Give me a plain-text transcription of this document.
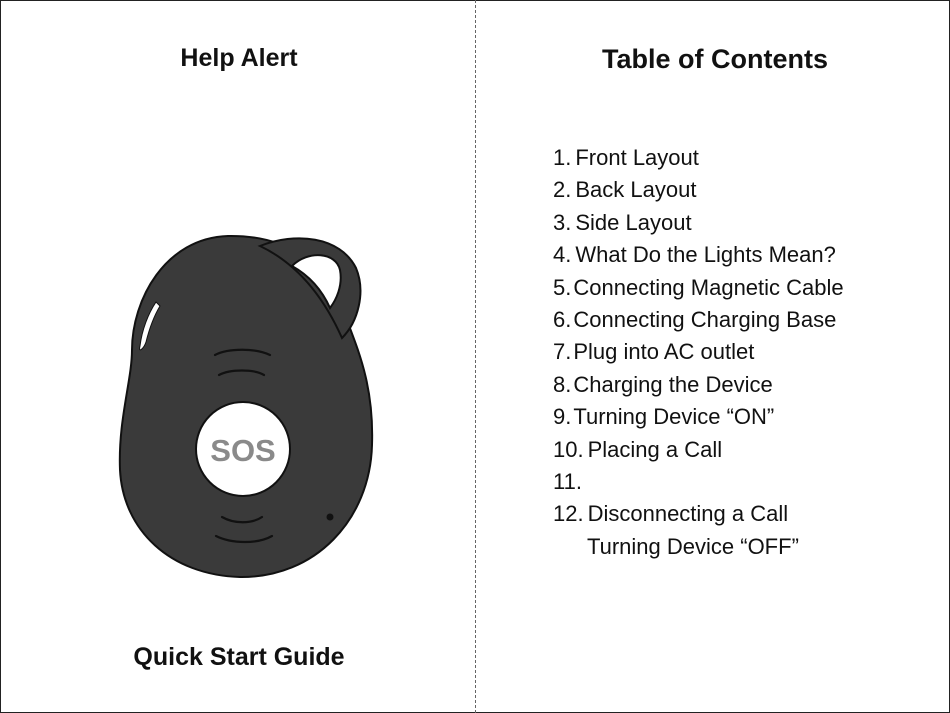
Help Alert
SOS
Quick Start Guide
Table of Contents
1. Front Layout
2. Back Layout
3. Side Layout
4. What Do the Lights Mean?
5.Connecting Magnetic Cable
6.Connecting Charging Base
7.Plug into AC outlet
8.Charging the Device
9.Turning Device “ON”
10. Placing a Call
11.
12. Disconnecting a Call
Turning Device “OFF”
